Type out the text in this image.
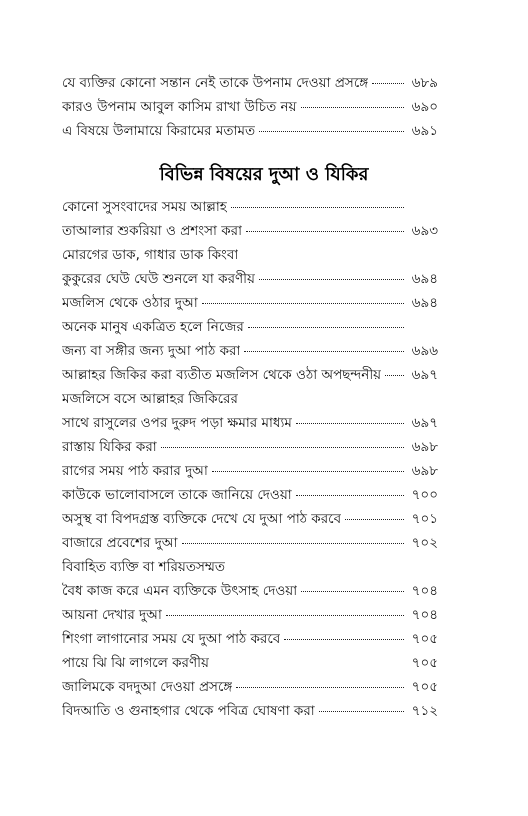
যে ব্যক্তির কোনো সন্তান নেই তাকে উপনাম দেওয়া প্রসঙ্গে	৬৮৯
কারও উপনাম আবুল কাসিম রাখা উচিত নয়	৬৯০
এ বিষয়ে উলামায়ে কিরামের মতামত	৬৯১
বিভিন্ন বিষয়ের দুআ ও যিকির
কোনো সুসংবাদের সময় আল্লাহ
তাআলার শুকরিয়া ও প্রশংসা করা	৬৯৩
মোরগের ডাক, গাধার ডাক কিংবা
কুকুরের ঘেউ ঘেউ শুনলে যা করণীয়	৬৯৪
মজলিস থেকে ওঠার দুআ	৬৯৪
অনেক মানুষ একত্রিত হলে নিজের
জন্য বা সঙ্গীর জন্য দুআ পাঠ করা	৬৯৬
আল্লাহর জিকির করা ব্যতীত মজলিস থেকে ওঠা অপছন্দনীয় ৬৯৭
মজলিসে বসে আল্লাহর জিকিরের
সাথে রাসুলের ওপর দুরুদ পড়া ক্ষমার মাধ্যম	৬৯৭
রাস্তায় যিকির করা	৬৯৮
রাগের সময় পাঠ করার দুআ	৬৯৮
কাউকে ভালোবাসলে তাকে জানিয়ে দেওয়া	৭০০
অসুস্থ বা বিপদগ্রস্ত ব্যক্তিকে দেখে যে দুআ পাঠ করবে	৭০১
বাজারে প্রবেশের দুআ	৭০২
বিবাহিত ব্যক্তি বা শরিয়তসম্মত
বৈধ কাজ করে এমন ব্যক্তিকে উৎসাহ দেওয়া	৭০৪
আয়না দেখার দুআ	৭০৪
শিংগা লাগানোর সময় যে দুআ পাঠ করবে	৭০৫
পায়ে ঝি ঝি লাগলে করণীয়	৭০৫
জালিমকে বদদুআ দেওয়া প্রসঙ্গে	৭০৫
বিদআতি ও গুনাহগার থেকে পবিত্র ঘোষণা করা	৭১২
